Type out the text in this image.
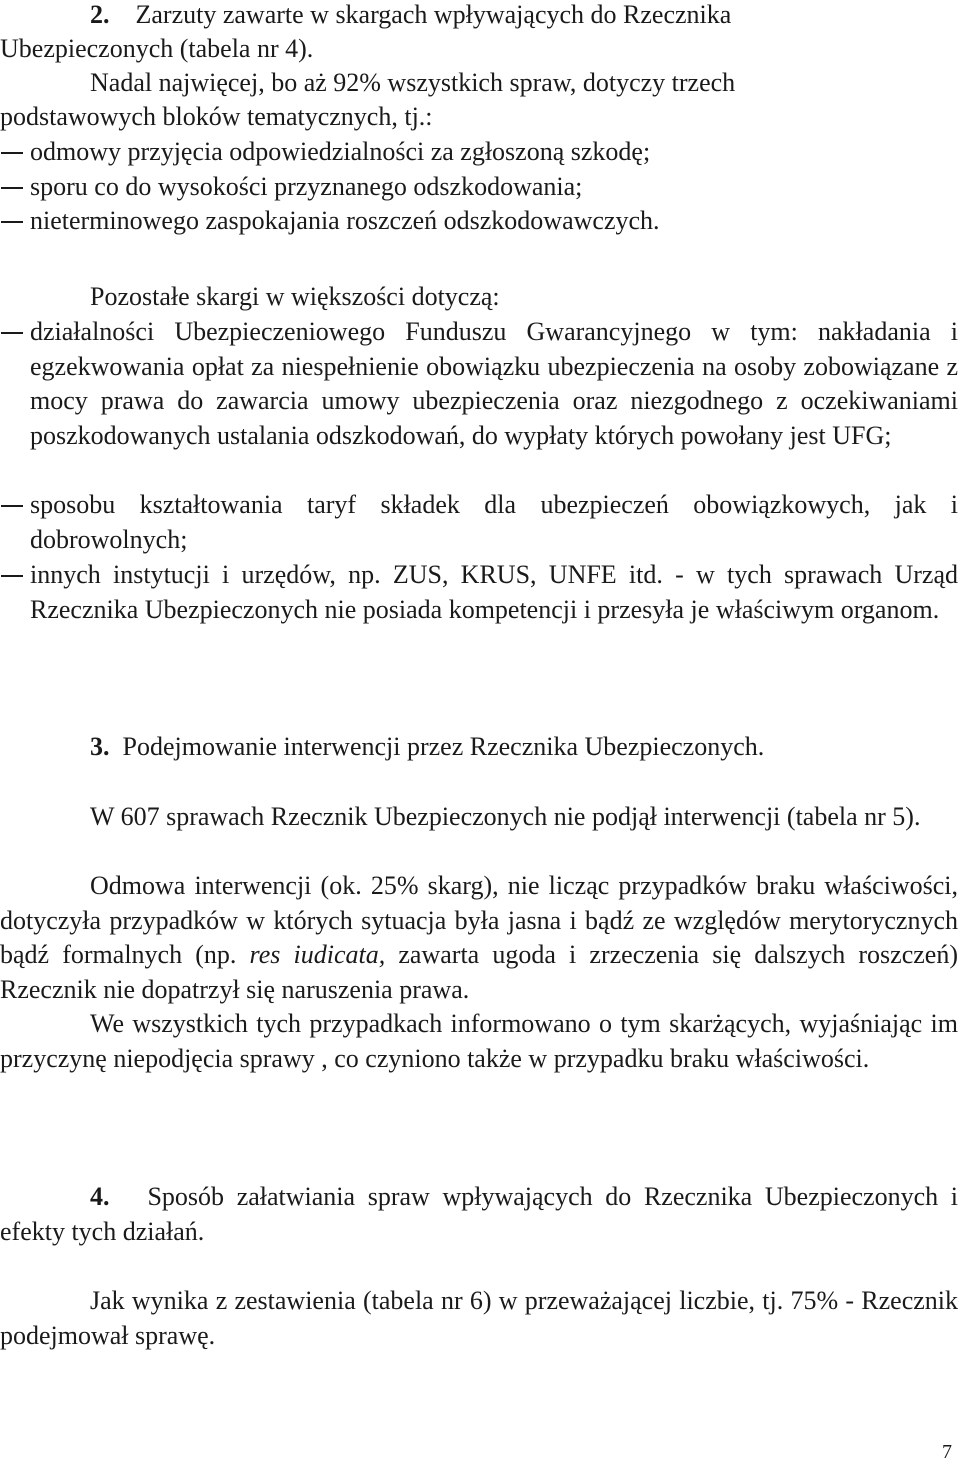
2. Zarzuty zawarte w skargach wpływających do Rzecznika

Ubezpieczonych (tabela nr 4).

Nadal najwięcej, bo aż 92% wszystkich spraw, dotyczy trzech

podstawowych bloków tematycznych, tj.:

odmowy przyjęcia odpowiedzialności za zgłoszoną szkodę;

sporu co do wysokości przyznanego odszkodowania;

nieterminowego zaspokajania roszczeń odszkodowawczych.

Pozostałe skargi w większości dotyczą:

działalności Ubezpieczeniowego Funduszu Gwarancyjnego w tym: nakładania i egzekwowania opłat za niespełnienie obowiązku ubezpieczenia na osoby zobowiązane z mocy prawa do zawarcia umowy ubezpieczenia oraz niezgodnego z oczekiwaniami poszkodowanych ustalania odszkodowań, do wypłaty których powołany jest UFG;

sposobu kształtowania taryf składek dla ubezpieczeń obowiązkowych, jak i dobrowolnych;

innych instytucji i urzędów, np. ZUS, KRUS, UNFE itd. - w tych sprawach Urząd Rzecznika Ubezpieczonych nie posiada kompetencji i przesyła je właściwym organom.

3. Podejmowanie interwencji przez Rzecznika Ubezpieczonych.

W 607 sprawach Rzecznik Ubezpieczonych nie podjął interwencji (tabela nr 5).

Odmowa interwencji (ok. 25% skarg), nie licząc przypadków braku właściwości, dotyczyła przypadków w których sytuacja była jasna i bądź ze względów merytorycznych bądź formalnych (np. res iudicata, zawarta ugoda i zrzeczenia się dalszych roszczeń) Rzecznik nie dopatrzył się naruszenia prawa.

We wszystkich tych przypadkach informowano o tym skarżących, wyjaśniając im przyczynę niepodjęcia sprawy , co czyniono także w przypadku braku właściwości.

4. Sposób załatwiania spraw wpływających do Rzecznika Ubezpieczonych i efekty tych działań.

Jak wynika z zestawienia (tabela nr 6) w przeważającej liczbie, tj. 75% - Rzecznik podejmował sprawę.

7
